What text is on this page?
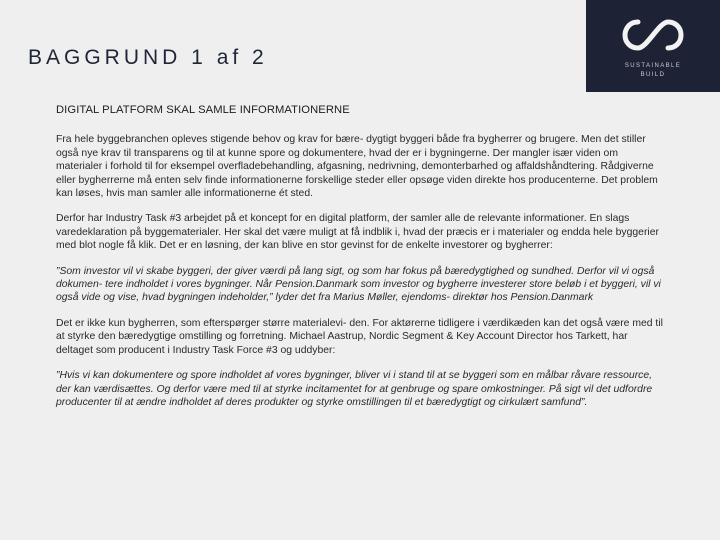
BAGGRUND 1 af 2	SUSTAINABLE
BUILD
DIGITAL PLATFORM SKAL SAMLE INFORMATIONERNE

Fra hele byggebranchen opleves stigende behov og krav for bære- dygtigt byggeri både fra bygherrer og brugere. Men det stiller også nye krav til transparens og til at kunne spore og dokumentere, hvad der er i bygningerne. Der mangler især viden om materialer i forhold til for eksempel overfladebehandling, afgasning, nedrivning, demonterbarhed og affaldshåndtering. Rådgiverne eller bygherrerne må enten selv finde informationerne forskellige steder eller opsøge viden direkte hos producenterne. Det problem kan løses, hvis man samler alle informationerne ét sted.

Derfor har Industry Task #3 arbejdet på et koncept for en digital platform, der samler alle de relevante informationer. En slags varedeklaration på byggematerialer. Her skal det være muligt at få indblik i, hvad der præcis er i materialer og endda hele byggerier med blot nogle få klik. Det er en løsning, der kan blive en stor gevinst for de enkelte investorer og bygherrer:

”Som investor vil vi skabe byggeri, der giver værdi på lang sigt, og som har fokus på bæredygtighed og sundhed. Derfor vil vi også dokumen- tere indholdet i vores bygninger. Når Pension.Danmark som investor og bygherre investerer store beløb i et byggeri, vil vi også vide og vise, hvad bygningen indeholder,” lyder det fra Marius Møller, ejendoms- direktør hos Pension.Danmark

Det er ikke kun bygherren, som efterspørger større materialevi- den. For aktørerne tidligere i værdikæden kan det også være med til at styrke den bæredygtige omstilling og forretning. Michael Aastrup, Nordic Segment & Key Account Director hos Tarkett, har deltaget som producent i Industry Task Force #3 og uddyber:

”Hvis vi kan dokumentere og spore indholdet af vores bygninger, bliver vi i stand til at se byggeri som en målbar råvare ressource, der kan værdisættes. Og derfor være med til at styrke incitamentet for at genbruge og spare omkostninger. På sigt vil det udfordre producenter til at ændre indholdet af deres produkter og styrke omstillingen til et bæredygtigt og cirkulært samfund”.
